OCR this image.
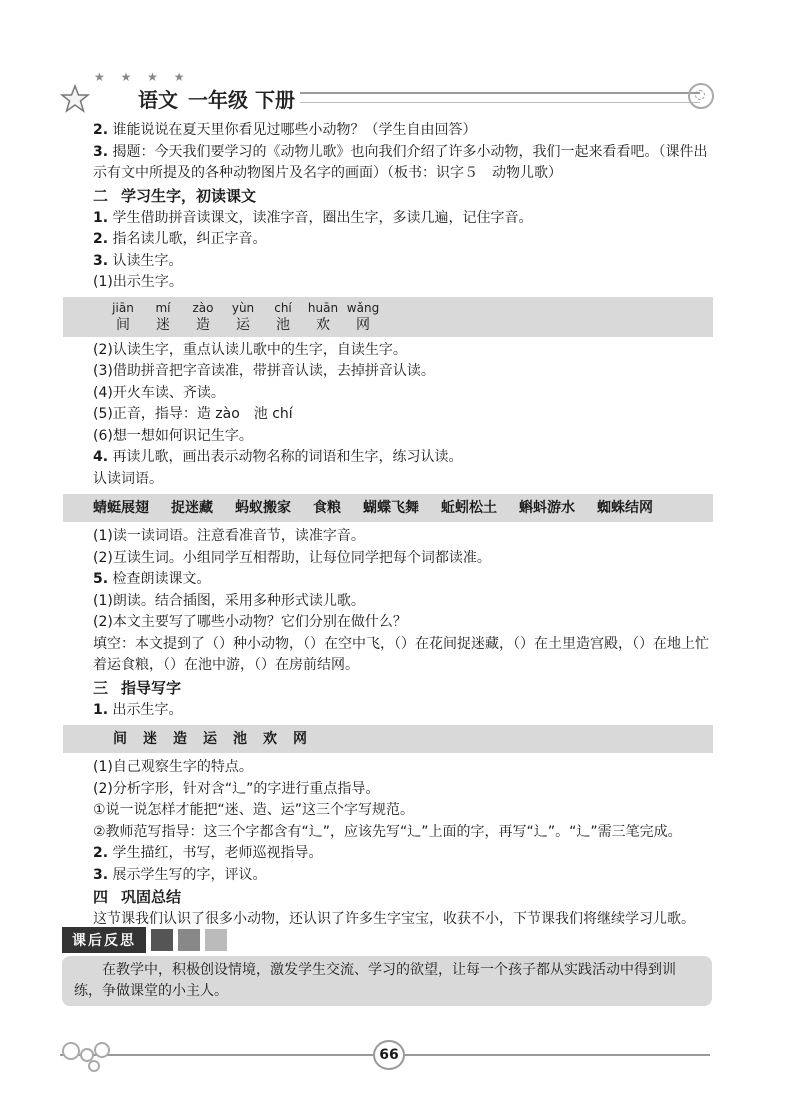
★ ★ ★ ★
语文 一年级 下册

2. 谁能说说在夏天里你看见过哪些小动物？（学生自由回答）

3. 揭题：今天我们要学习的《动物儿歌》也向我们介绍了许多小动物，我们一起来看看吧。（课件出示有文中所提及的各种动物图片及名字的画面）（板书：识字５　动物儿歌）

二 学习生字，初读课文

1. 学生借助拼音读课文，读准字音，圈出生字，多读几遍，记住字音。

2. 指名读儿歌，纠正字音。

3. 认读生字。

(1)出示生字。

jiān	mí	zào	yùn	chí	huān wǎng
间	迷	造	运	池	欢	网

(2)认读生字，重点认读儿歌中的生字，自读生字。

(3)借助拼音把字音读准，带拼音认读，去掉拼音认读。

(4)开火车读、齐读。

(5)正音，指导：造 zào　池 chí

(6)想一想如何识记生字。

4. 再读儿歌，画出表示动物名称的词语和生字，练习认读。

认读词语。

蜻蜓展翅 捉迷藏 蚂蚁搬家 食粮 蝴蝶飞舞 蚯蚓松土 蝌蚪游水 蜘蛛结网

(1)读一读词语。注意看准音节，读准字音。

(2)互读生词。小组同学互相帮助，让每位同学把每个词都读准。

5. 检查朗读课文。

(1)朗读。结合插图，采用多种形式读儿歌。

(2)本文主要写了哪些小动物？它们分别在做什么？

填空：本文提到了（）种小动物，（）在空中飞，（）在花间捉迷藏，（）在土里造宫殿，（）在地上忙着运食粮，（）在池中游，（）在房前结网。

三 指导写字

1. 出示生字。

间 迷 造 运 池 欢 网

(1)自己观察生字的特点。

(2)分析字形，针对含“辶”的字进行重点指导。

①说一说怎样才能把“迷、造、运”这三个字写规范。

②教师范写指导：这三个字都含有“辶”，应该先写“辶”上面的字，再写“辶”。“辶”需三笔完成。

2. 学生描红，书写，老师巡视指导。

3. 展示学生写的字，评议。

四 巩固总结

这节课我们认识了很多小动物，还认识了许多生字宝宝，收获不小，下节课我们将继续学习儿歌。

课后反思

在教学中，积极创设情境，激发学生交流、学习的欲望，让每一个孩子都从实践活动中得到训练，争做课堂的小主人。

66
